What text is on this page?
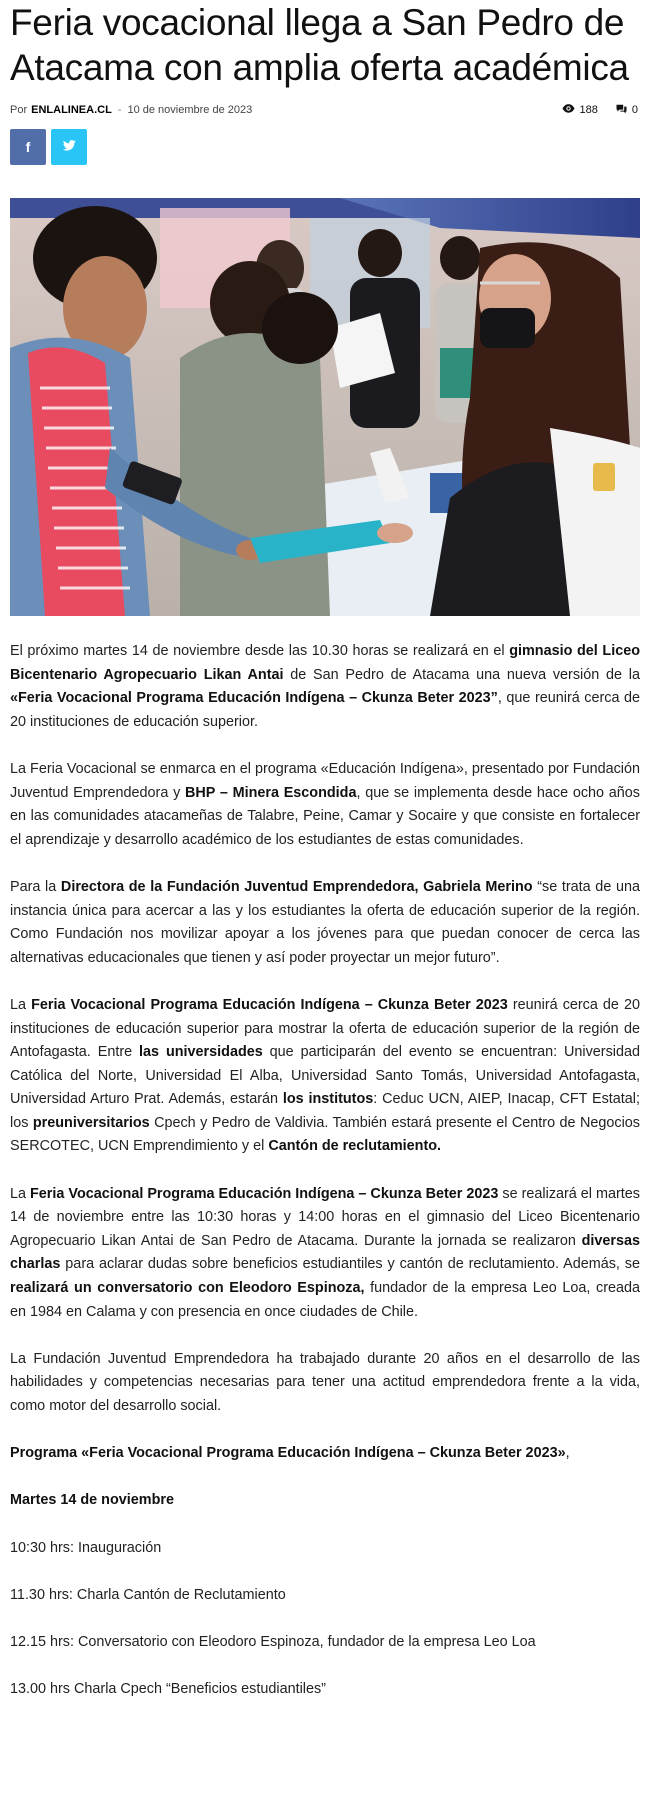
Feria vocacional llega a San Pedro de Atacama con amplia oferta académica
Por ENLALINEA.CL - 10 de noviembre de 2023	188	0
f

El próximo martes 14 de noviembre desde las 10.30 horas se realizará en el gimnasio del Liceo Bicentenario Agropecuario Likan Antai de San Pedro de Atacama una nueva versión de la «Feria Vocacional Programa Educación Indígena – Ckunza Beter 2023”, que reunirá cerca de 20 instituciones de educación superior.

La Feria Vocacional se enmarca en el programa «Educación Indígena», presentado por Fundación Juventud Emprendedora y BHP – Minera Escondida, que se implementa desde hace ocho años en las comunidades atacameñas de Talabre, Peine, Camar y Socaire y que consiste en fortalecer el aprendizaje y desarrollo académico de los estudiantes de estas comunidades.

Para la Directora de la Fundación Juventud Emprendedora, Gabriela Merino “se trata de una instancia única para acercar a las y los estudiantes la oferta de educación superior de la región. Como Fundación nos movilizar apoyar a los jóvenes para que puedan conocer de cerca las alternativas educacionales que tienen y así poder proyectar un mejor futuro”.

La Feria Vocacional Programa Educación Indígena – Ckunza Beter 2023 reunirá cerca de 20 instituciones de educación superior para mostrar la oferta de educación superior de la región de Antofagasta. Entre las universidades que participarán del evento se encuentran: Universidad Católica del Norte, Universidad El Alba, Universidad Santo Tomás, Universidad Antofagasta, Universidad Arturo Prat. Además, estarán los institutos: Ceduc UCN, AIEP, Inacap, CFT Estatal; los preuniversitarios Cpech y Pedro de Valdivia. También estará presente el Centro de Negocios SERCOTEC, UCN Emprendimiento y el Cantón de reclutamiento.

La Feria Vocacional Programa Educación Indígena – Ckunza Beter 2023 se realizará el martes 14 de noviembre entre las 10:30 horas y 14:00 horas en el gimnasio del Liceo Bicentenario Agropecuario Likan Antai de San Pedro de Atacama. Durante la jornada se realizaron diversas charlas para aclarar dudas sobre beneficios estudiantiles y cantón de reclutamiento. Además, se realizará un conversatorio con Eleodoro Espinoza, fundador de la empresa Leo Loa, creada en 1984 en Calama y con presencia en once ciudades de Chile.

La Fundación Juventud Emprendedora ha trabajado durante 20 años en el desarrollo de las habilidades y competencias necesarias para tener una actitud emprendedora frente a la vida, como motor del desarrollo social.

Programa «Feria Vocacional Programa Educación Indígena – Ckunza Beter 2023»,

Martes 14 de noviembre

10:30 hrs: Inauguración

11.30 hrs: Charla Cantón de Reclutamiento

12.15 hrs: Conversatorio con Eleodoro Espinoza, fundador de la empresa Leo Loa

13.00 hrs Charla Cpech “Beneficios estudiantiles”
